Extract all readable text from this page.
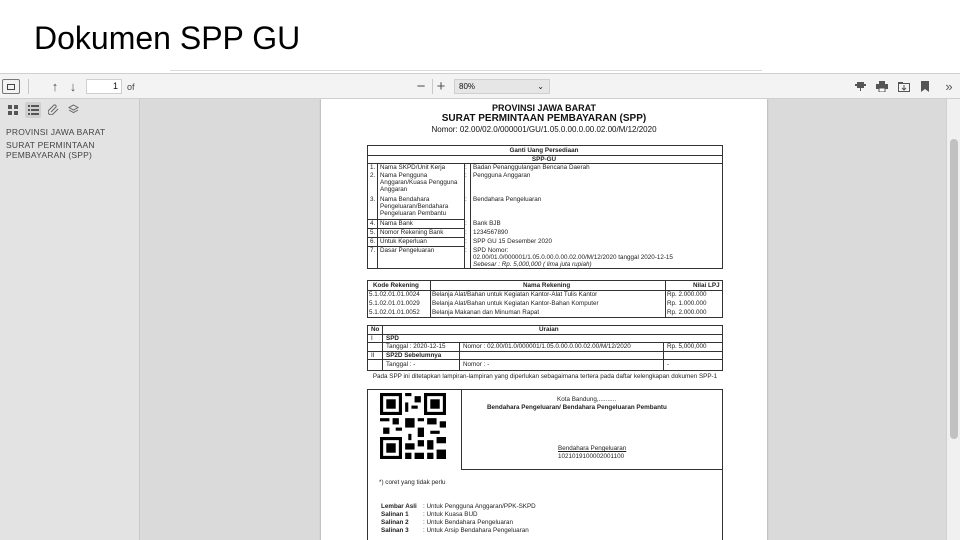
Dokumen SPP GU
↑ ↓	1	of	− +	80%	⌄	»
PROVINSI JAWA BARAT
SURAT PERMINTAAN PEMBAYARAN (SPP)
PROVINSI JAWA BARAT
SURAT PERMINTAAN PEMBAYARAN (SPP)
Nomor: 02.00/02.0/000001/GU/1.05.0.00.0.00.02.00/M/12/2020
Ganti Uang Persediaan
SPP-GU
1. Nama SKPD/Unit Kerja	: Badan Penanggulangan Bencana Daerah
2. Nama Pengguna Anggaran/Kuasa Pengguna Anggaran
: Pengguna Anggaran
3. Nama Bendahara Pengeluaran/Bendahara Pengeluaran Pembantu
: Bendahara Pengeluaran
4. Nama Bank	: Bank BJB
5. Nomor Rekening Bank	: 1234567890
6. Untuk Keperluan	: SPP GU 15 Desember 2020
7. Dasar Pengeluaran	: SPD Nomor:
02.00/01.0/000001/1.05.0.00.0.00.02.00/M/12/2020 tanggal 2020-12-15
Sebesar : Rp. 5,000,000 ( lima juta rupiah)
Kode Rekening	Nama Rekening	Nilai LPJ
5.1.02.01.01.0024 Belanja Alat/Bahan untuk Kegiatan Kantor-Alat Tulis Kantor	Rp. 2.000.000
5.1.02.01.01.0029 Belanja Alat/Bahan untuk Kegiatan Kantor-Bahan Komputer	Rp. 1.000.000
5.1.02.01.01.0052 Belanja Makanan dan Minuman Rapat	Rp. 2.000.000
No	Uraian
I SPD
Tanggal : 2020-12-15	Nomor : 02.00/01.0/000001/1.05.0.00.0.00.02.00/M/12/2020	Rp. 5,000,000
II SP2D Sebelumnya
Tanggal : -	Nomor : -	-
Pada SPP ini ditetapkan lampiran-lampiran yang diperlukan sebagaimana tertera pada daftar kelengkapan dokumen SPP-1
Kota Bandung,..........
Bendahara Pengeluaran/ Bendahara Pengeluaran Pembantu
Bendahara Pengeluaran
1021019100002001100
*) coret yang tidak perlu
Lembar Asli : Untuk Pengguna Anggaran/PPK-SKPD
Salinan 1 : Untuk Kuasa BUD
Salinan 2 : Untuk Bendahara Pengeluaran
Salinan 3 : Untuk Arsip Bendahara Pengeluaran
